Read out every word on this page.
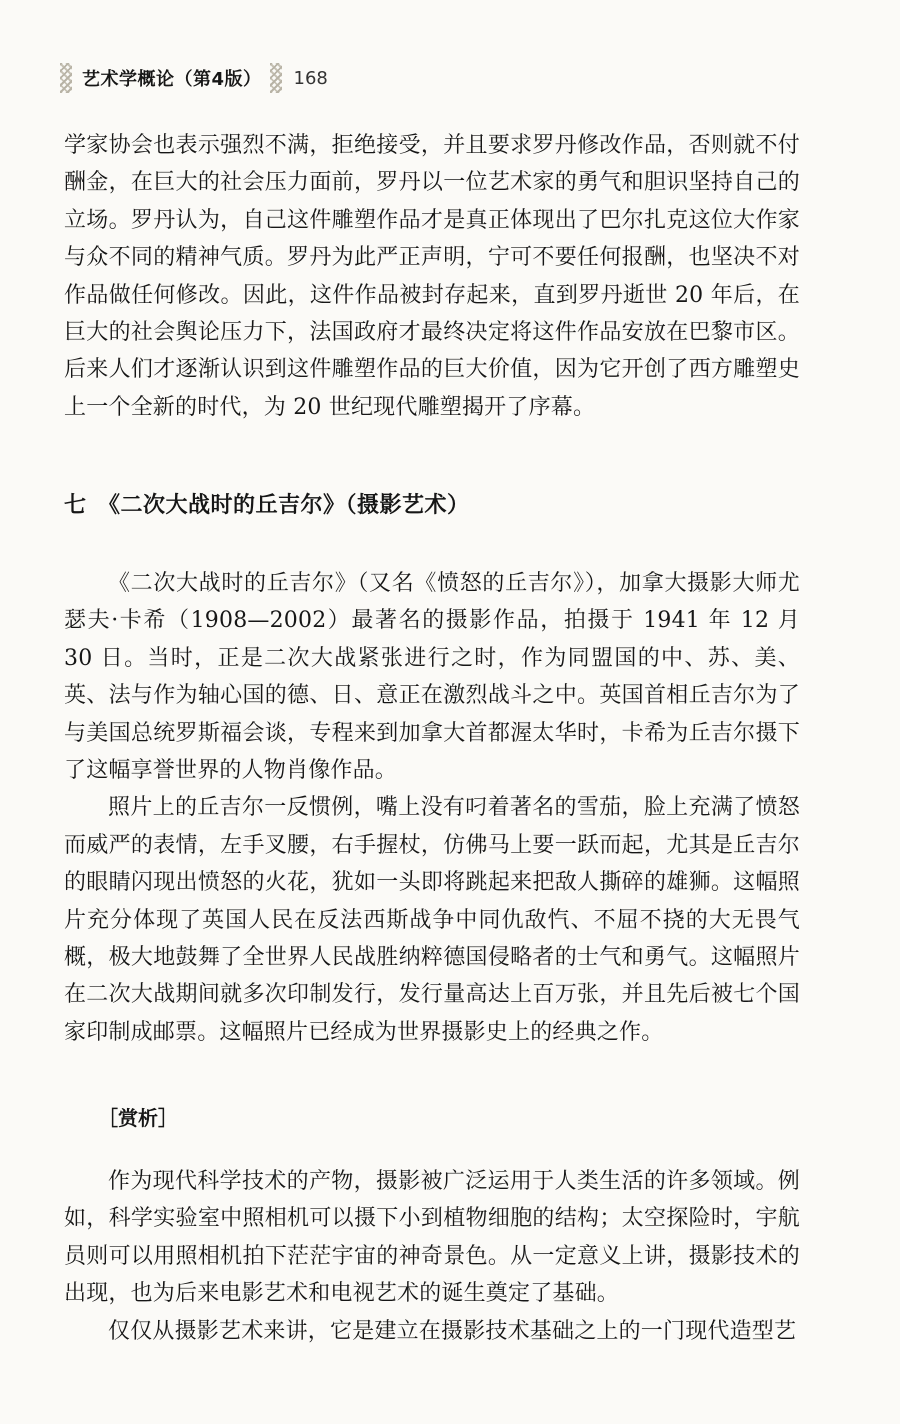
艺术学概论（第4版） 168

学家协会也表示强烈不满，拒绝接受，并且要求罗丹修改作品，否则就不付酬金，在巨大的社会压力面前，罗丹以一位艺术家的勇气和胆识坚持自己的立场。罗丹认为，自己这件雕塑作品才是真正体现出了巴尔扎克这位大作家与众不同的精神气质。罗丹为此严正声明，宁可不要任何报酬，也坚决不对作品做任何修改。因此，这件作品被封存起来，直到罗丹逝世 20 年后，在巨大的社会舆论压力下，法国政府才最终决定将这件作品安放在巴黎市区。后来人们才逐渐认识到这件雕塑作品的巨大价值，因为它开创了西方雕塑史上一个全新的时代，为 20 世纪现代雕塑揭开了序幕。

七　《二次大战时的丘吉尔》（摄影艺术）

《二次大战时的丘吉尔》（又名《愤怒的丘吉尔》），加拿大摄影大师尤瑟夫·卡希（1908—2002）最著名的摄影作品，拍摄于 1941 年 12 月 30 日。当时，正是二次大战紧张进行之时，作为同盟国的中、苏、美、英、法与作为轴心国的德、日、意正在激烈战斗之中。英国首相丘吉尔为了与美国总统罗斯福会谈，专程来到加拿大首都渥太华时，卡希为丘吉尔摄下了这幅享誉世界的人物肖像作品。

照片上的丘吉尔一反惯例，嘴上没有叼着著名的雪茄，脸上充满了愤怒而威严的表情，左手叉腰，右手握杖，仿佛马上要一跃而起，尤其是丘吉尔的眼睛闪现出愤怒的火花，犹如一头即将跳起来把敌人撕碎的雄狮。这幅照片充分体现了英国人民在反法西斯战争中同仇敌忾、不屈不挠的大无畏气概，极大地鼓舞了全世界人民战胜纳粹德国侵略者的士气和勇气。这幅照片在二次大战期间就多次印制发行，发行量高达上百万张，并且先后被七个国家印制成邮票。这幅照片已经成为世界摄影史上的经典之作。

［赏析］

作为现代科学技术的产物，摄影被广泛运用于人类生活的许多领域。例如，科学实验室中照相机可以摄下小到植物细胞的结构；太空探险时，宇航员则可以用照相机拍下茫茫宇宙的神奇景色。从一定意义上讲，摄影技术的出现，也为后来电影艺术和电视艺术的诞生奠定了基础。

仅仅从摄影艺术来讲，它是建立在摄影技术基础之上的一门现代造型艺
